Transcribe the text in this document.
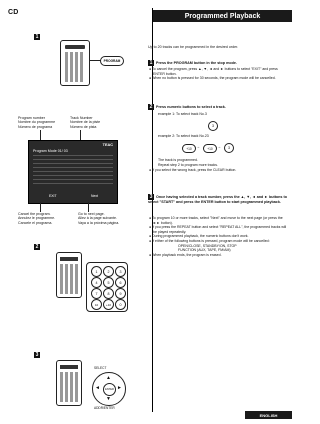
CD	Programmed Playback
1
PROGRAM
Program number
Nombre du programme
Número de programa
Track Number
Nombre de la piste
Número de pista
TEAC
Program Mode 01/ 03
EXIT	Next
Cancel the program.
Annulez le programme.
Cancele el programa.
Go to next page.
Allez à la page suivante.
Vaya a la próxima página.
2
1	2	3
4	5	6
7	8	9
10	+10	0
3
SELECT
▲
▼
◄	►
ENTER
ADDR/ENTER
Up to 20 tracks can be programmed in the desired order.
1 Press the PROGRAM button in the stop mode.
● To cancel the program, press ▲, ▼, ◄ and ► buttons to select "EXIT" and press ENTER button.
● When no button is pressed for 30 seconds, the program mode will be cancelled.
2 Press numeric buttons to select a track.
example 1: To select track No.3
3
example 2: To select track No.23
+10	→	+10	→	3
The track is programmed.
Repeat step 2 to program more tracks.
● If you select the wrong track, press the CLEAR button.
3 Once having selected a track number, press the ▲, ▼, ◄ and ► buttons to select "START" and press the ENTER button to start programmed playback.
● To program 10 or more tracks, select "Next" and move to the next page (or press the ►► button).
● If you press the REPEAT button and select "REPEAT ALL", the programmed tracks will be played repeatedly.
● During programmed playback, the numeric buttons don't work.
● If either of the following buttons is pressed, program mode will be cancelled:
OPEN/CLOSE, STANDBY/ON, STOP
FUNCTION (AUX, TAPE, FM/AM)
● When playback ends, the program is erased.
ENGLISH
